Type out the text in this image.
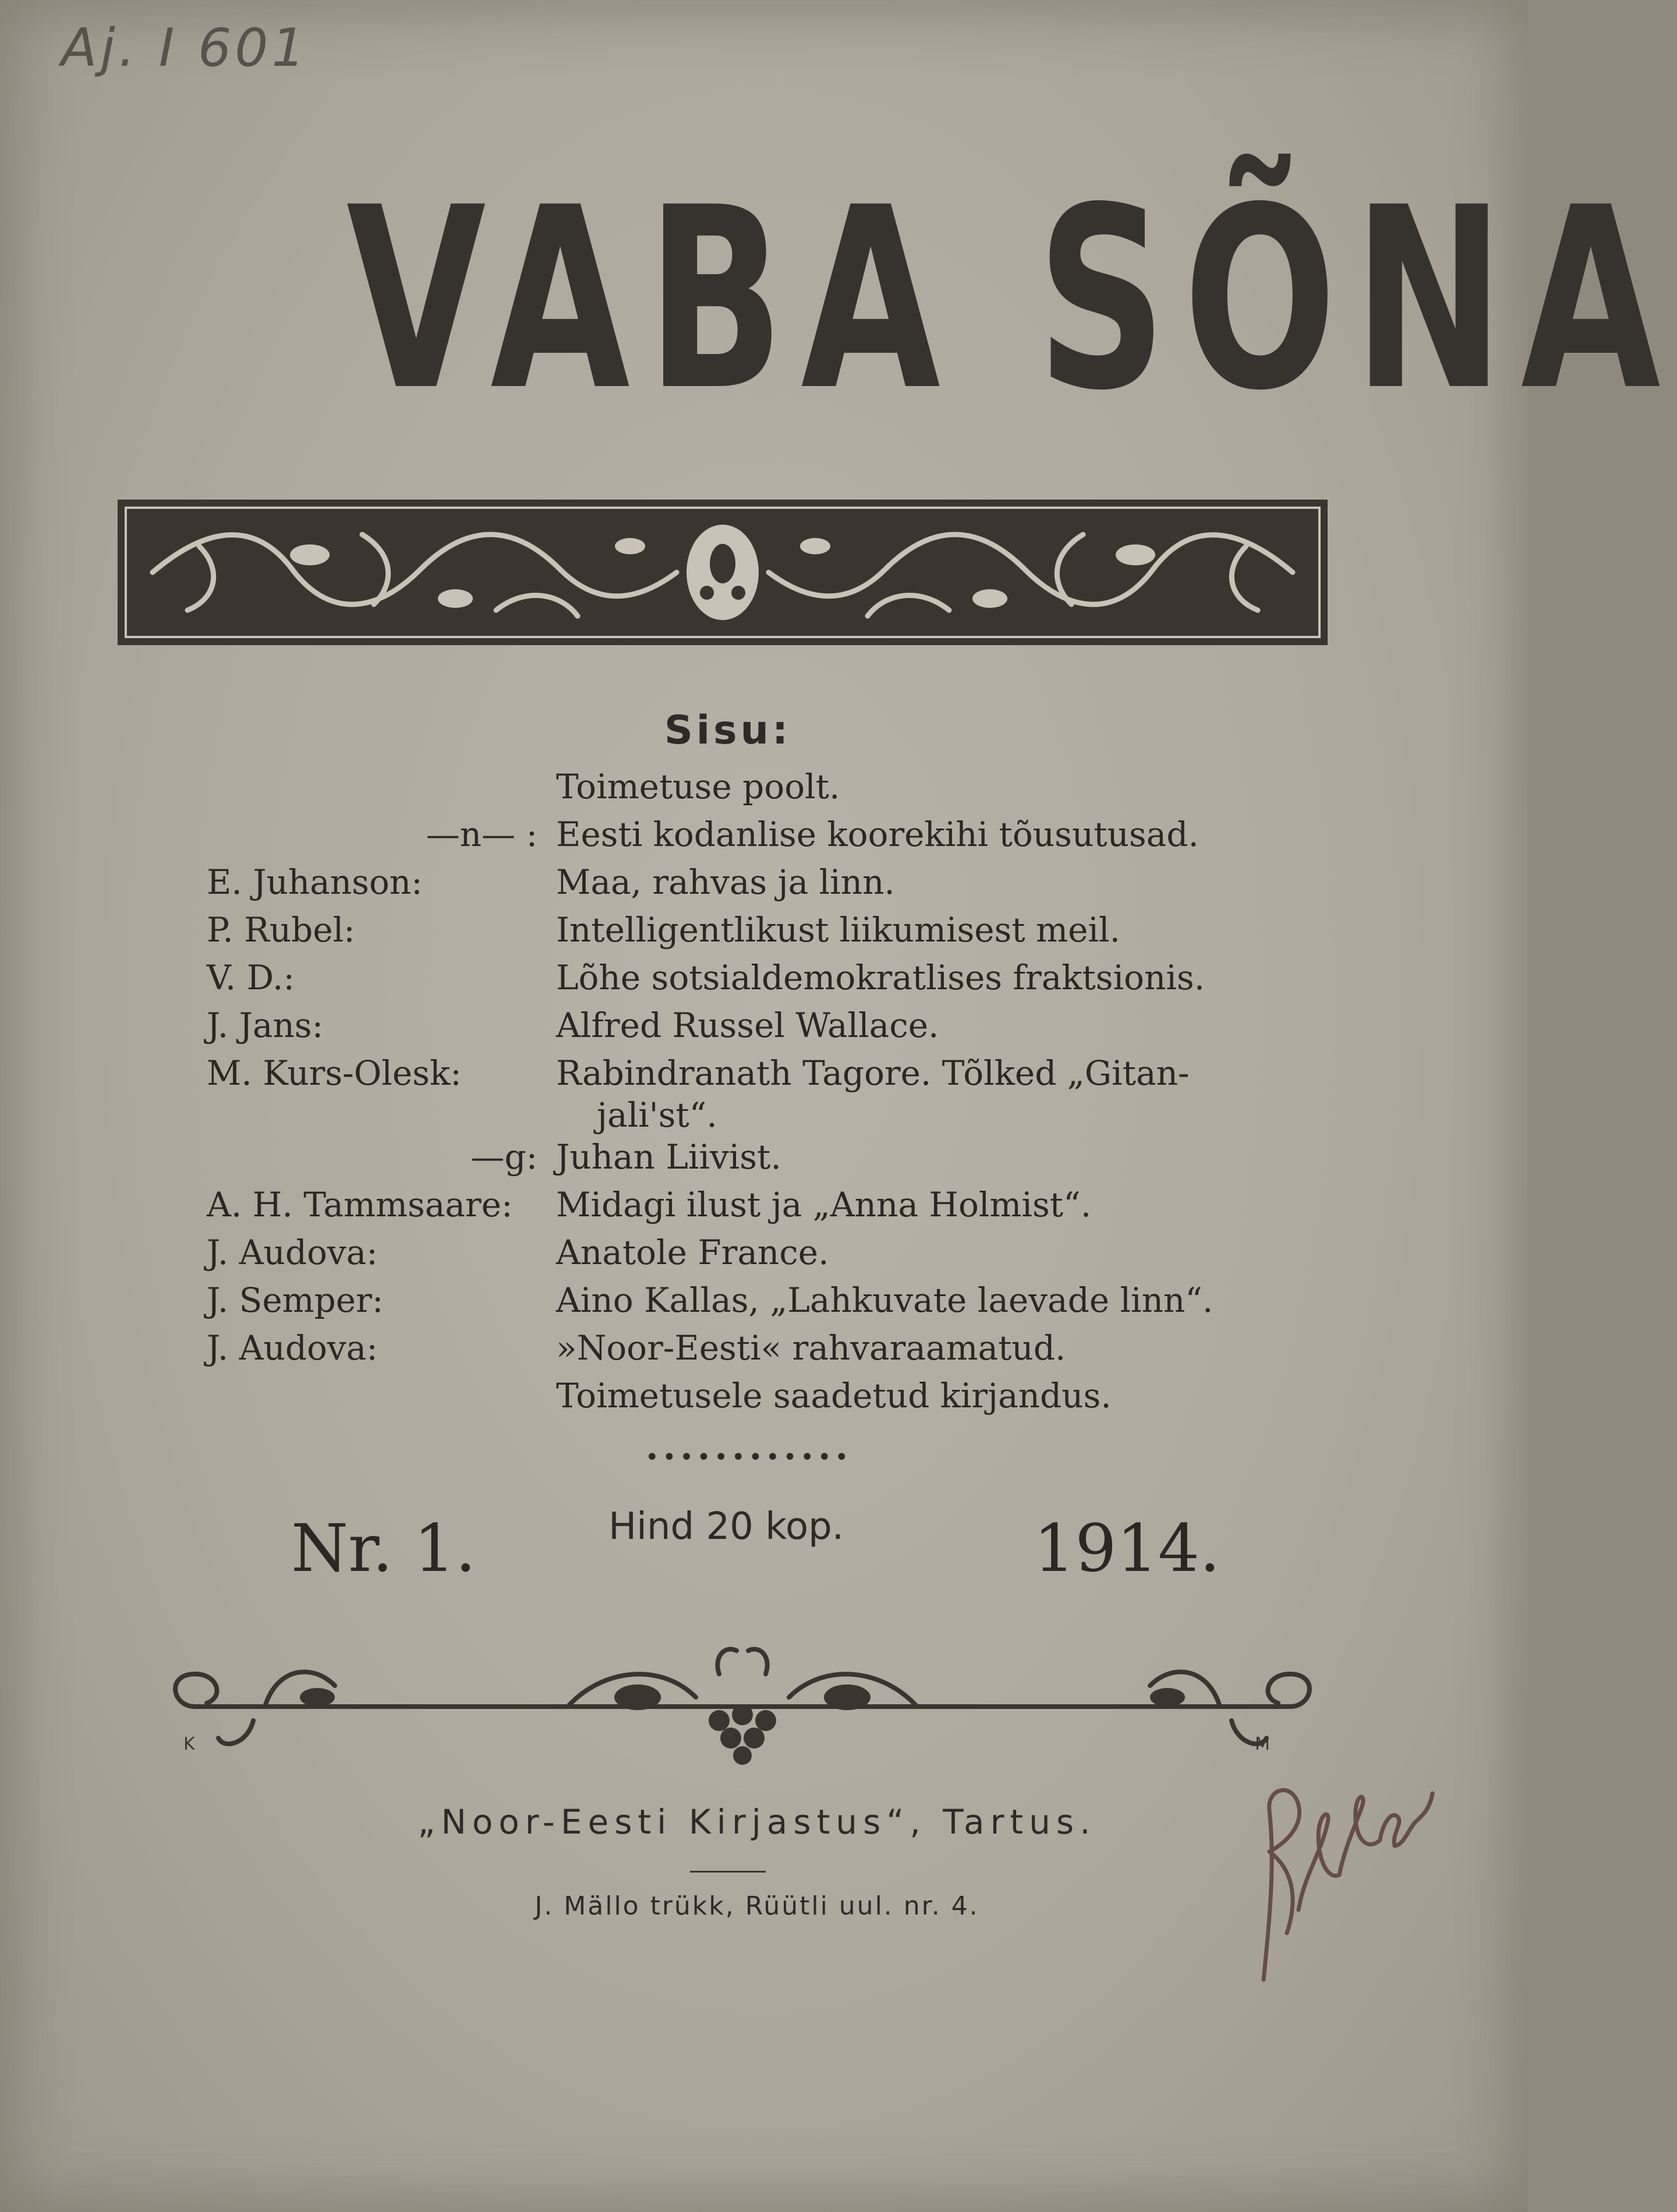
Aj. I 601
VABA SÕNA
Sisu:
Toimetuse poolt.
—n— : Eesti kodanlise koorekihi tõusutusad.
E. Juhanson:	Maa, rahvas ja linn.
P. Rubel:	Intelligentlikust liikumisest meil.
V. D.:	Lõhe sotsialdemokratlises fraktsionis.
J. Jans:	Alfred Russel Wallace.
M. Kurs-Olesk:	Rabindranath Tagore. Tõlked „Gitan-
jali'st“.
—g: Juhan Liivist.
A. H. Tammsaare:	Midagi ilust ja „Anna Holmist“.
J. Audova:	Anatole France.
J. Semper:	Aino Kallas, „Lahkuvate laevade linn“.
J. Audova:	»Noor-Eesti« rahvaraamatud.
Toimetusele saadetud kirjandus.
••••••••••••
Nr. 1.	Hind 20 kop.	1914.
K	M
„Noor-Eesti Kirjastus“, Tartus.
J. Mällo trükk, Rüütli uul. nr. 4.
